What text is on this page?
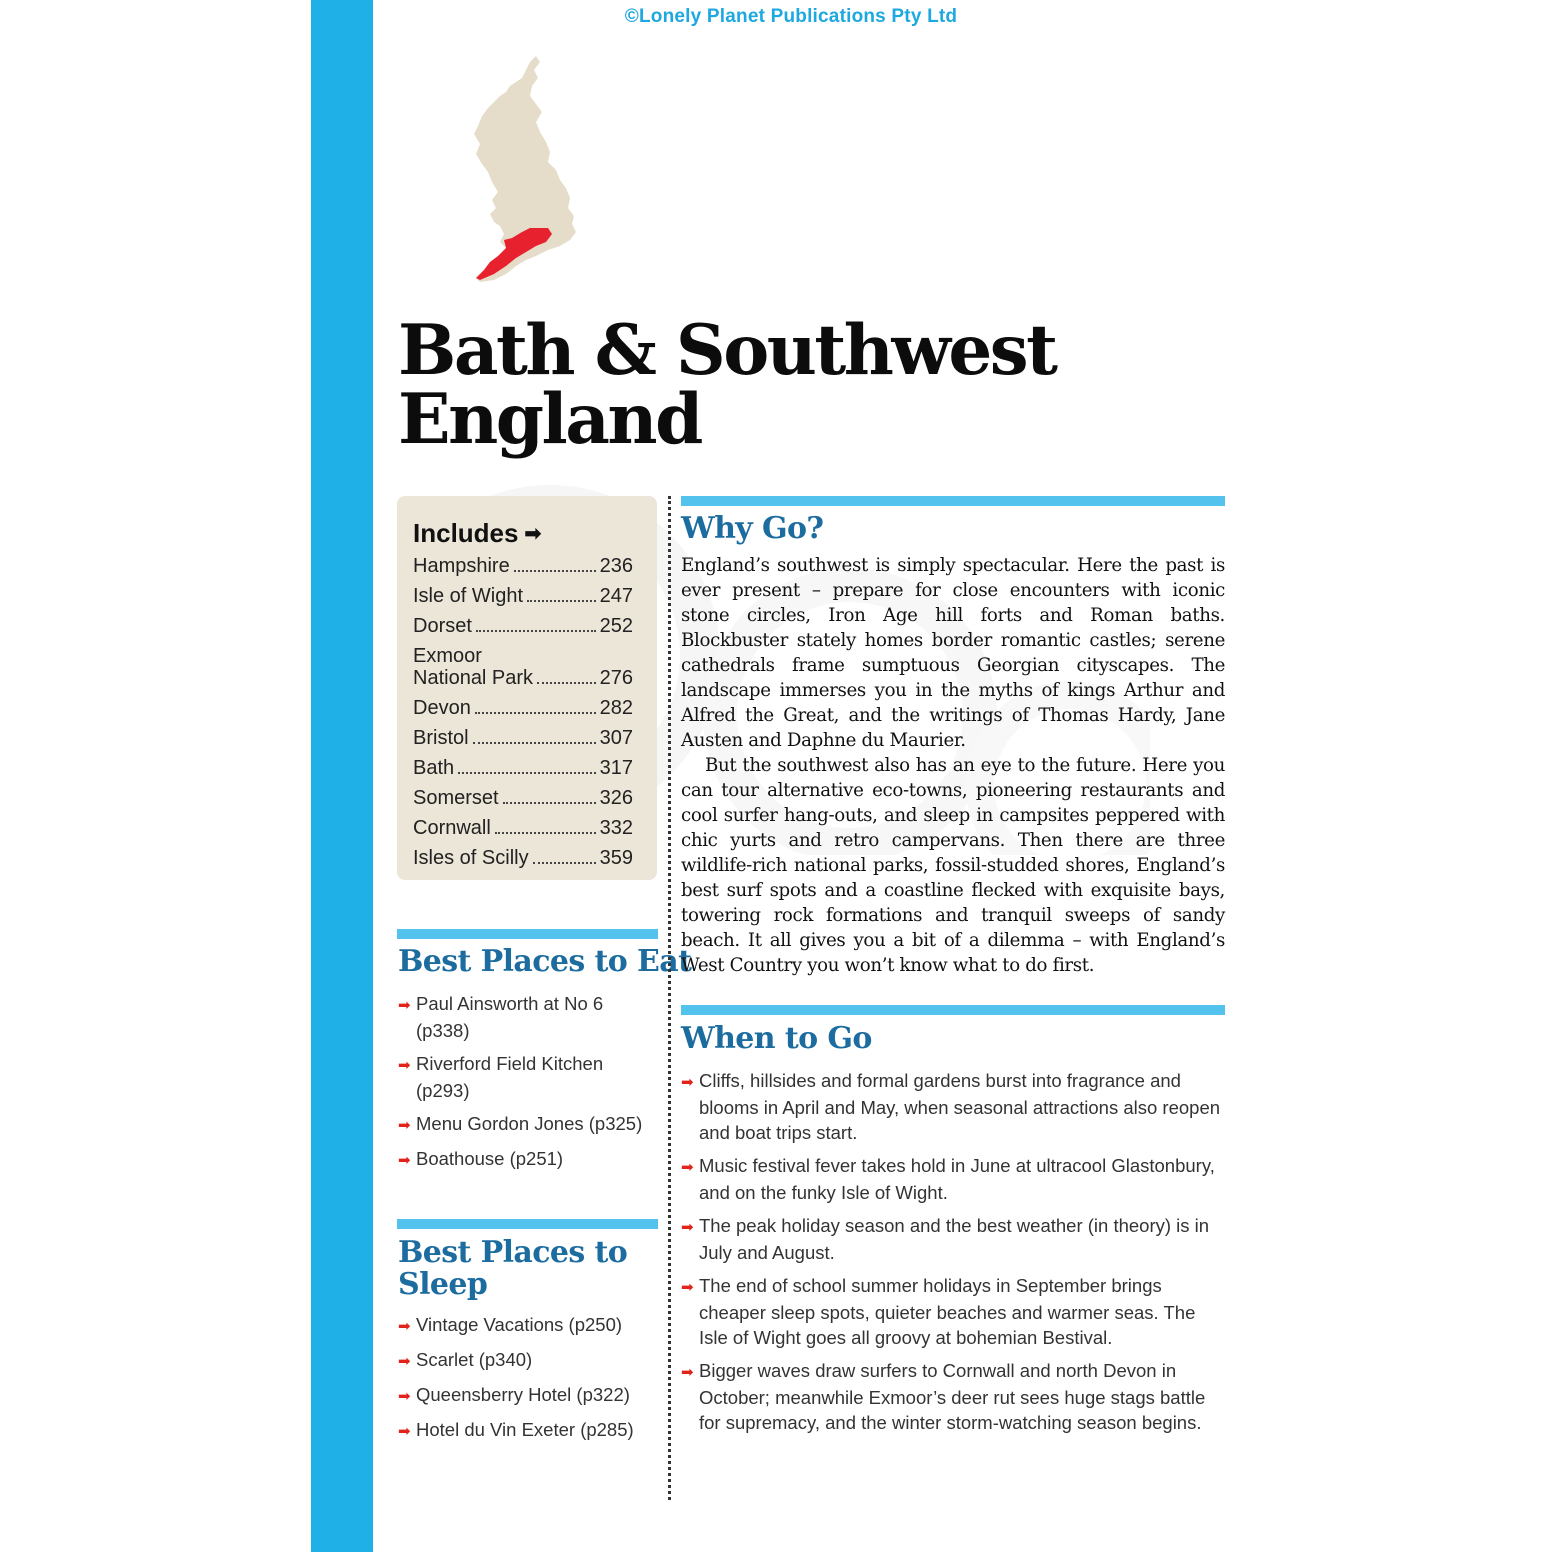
©Lonely Planet Publications Pty Ltd
Bath & Southwest
England
Includes ➡
Hampshire	236
Isle of Wight	247
Dorset	252
Exmoor
National Park	276
Devon	282
Bristol	307
Bath	317
Somerset	326
Cornwall	332
Isles of Scilly	359
Best Places to Eat
➡ Paul Ainsworth at No 6 (p338)
➡ Riverford Field Kitchen (p293)
➡ Menu Gordon Jones (p325)
➡ Boathouse (p251)
Best Places to
Sleep
➡ Vintage Vacations (p250)
➡ Scarlet (p340)
➡ Queensberry Hotel (p322)
➡ Hotel du Vin Exeter (p285)
Why Go?

England’s southwest is simply spectacular. Here the past is ever present – prepare for close encounters with iconic stone circles, Iron Age hill forts and Roman baths. Blockbuster stately homes border romantic castles; serene cathedrals frame sumptuous Georgian cityscapes. The landscape immerses you in the myths of kings Arthur and Alfred the Great, and the writings of Thomas Hardy, Jane Austen and Daphne du Maurier.

But the southwest also has an eye to the future. Here you can tour alternative eco-towns, pioneering restaurants and cool surfer hang-outs, and sleep in campsites peppered with chic yurts and retro campervans. Then there are three wildlife-rich national parks, fossil-studded shores, England’s best surf spots and a coastline flecked with exquisite bays, towering rock formations and tranquil sweeps of sandy beach. It all gives you a bit of a dilemma – with England’s West Country you won’t know what to do first.

When to Go
➡ Cliffs, hillsides and formal gardens burst into fragrance and blooms in April and May, when seasonal attractions also reopen and boat trips start.
➡ Music festival fever takes hold in June at ultracool Glastonbury, and on the funky Isle of Wight.
➡ The peak holiday season and the best weather (in theory) is in July and August.
➡ The end of school summer holidays in September brings cheaper sleep spots, quieter beaches and warmer seas. The Isle of Wight goes all groovy at bohemian Bestival.
➡ Bigger waves draw surfers to Cornwall and north Devon in October; meanwhile Exmoor’s deer rut sees huge stags battle for supremacy, and the winter storm-watching season begins.
